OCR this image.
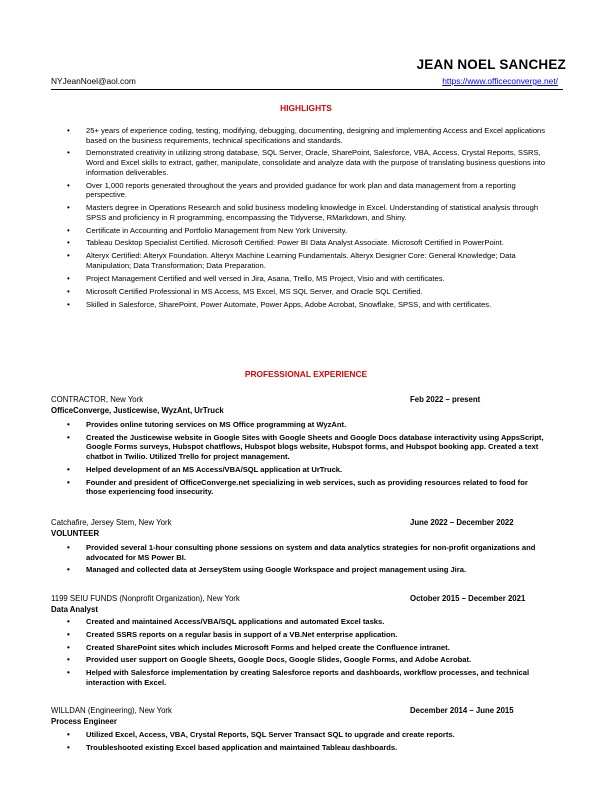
JEAN NOEL SANCHEZ
NYJeanNoel@aol.com	https://www.officeconverge.net/
HIGHLIGHTS
• 25+ years of experience coding, testing, modifying, debugging, documenting, designing and implementing Access and Excel applications based on the business requirements, technical specifications and standards.
• Demonstrated creativity in utilizing strong database, SQL Server, Oracle, SharePoint, Salesforce, VBA, Access, Crystal Reports, SSRS, Word and Excel skills to extract, gather, manipulate, consolidate and analyze data with the purpose of translating business questions into information deliverables.
• Over 1,000 reports generated throughout the years and provided guidance for work plan and data management from a reporting perspective.
• Masters degree in Operations Research and solid business modeling knowledge in Excel. Understanding of statistical analysis through SPSS and proficiency in R programming, encompassing the Tidyverse, RMarkdown, and Shiny.
• Certificate in Accounting and Portfolio Management from New York University.
• Tableau Desktop Specialist Certified. Microsoft Certified: Power BI Data Analyst Associate. Microsoft Certified in PowerPoint.
• Alteryx Certified: Alteryx Foundation. Alteryx Machine Learning Fundamentals. Alteryx Designer Core: General Knowledge; Data Manipulation; Data Transformation; Data Preparation.
• Project Management Certified and well versed in Jira, Asana, Trello, MS Project, Visio and with certificates.
• Microsoft Certified Professional in MS Access, MS Excel, MS SQL Server, and Oracle SQL Certified.
• Skilled in Salesforce, SharePoint, Power Automate, Power Apps, Adobe Acrobat, Snowflake, SPSS, and with certificates.
PROFESSIONAL EXPERIENCE
CONTRACTOR, New York	Feb 2022 – present
OfficeConverge, Justicewise, WyzAnt, UrTruck
• Provides online tutoring services on MS Office programming at WyzAnt.
• Created the Justicewise website in Google Sites with Google Sheets and Google Docs database interactivity using AppsScript, Google Forms surveys, Hubspot chatflows, Hubspot blogs website, Hubspot forms, and Hubspot booking app. Created a text chatbot in Twilio. Utilized Trello for project management.
• Helped development of an MS Access/VBA/SQL application at UrTruck.
• Founder and president of OfficeConverge.net specializing in web services, such as providing resources related to food for those experiencing food insecurity.
Catchafire, Jersey Stem, New York	June 2022 – December 2022
VOLUNTEER
• Provided several 1-hour consulting phone sessions on system and data analytics strategies for non-profit organizations and advocated for MS Power BI.
• Managed and collected data at JerseyStem using Google Workspace and project management using Jira.
1199 SEIU FUNDS (Nonprofit Organization), New York	October 2015 – December 2021
Data Analyst
• Created and maintained Access/VBA/SQL applications and automated Excel tasks.
• Created SSRS reports on a regular basis in support of a VB.Net enterprise application.
• Created SharePoint sites which includes Microsoft Forms and helped create the Confluence intranet.
• Provided user support on Google Sheets, Google Docs, Google Slides, Google Forms, and Adobe Acrobat.
• Helped with Salesforce implementation by creating Salesforce reports and dashboards, workflow processes, and technical interaction with Excel.
WILLDAN (Engineering), New York	December 2014 – June 2015
Process Engineer
• Utilized Excel, Access, VBA, Crystal Reports, SQL Server Transact SQL to upgrade and create reports.
• Troubleshooted existing Excel based application and maintained Tableau dashboards.
